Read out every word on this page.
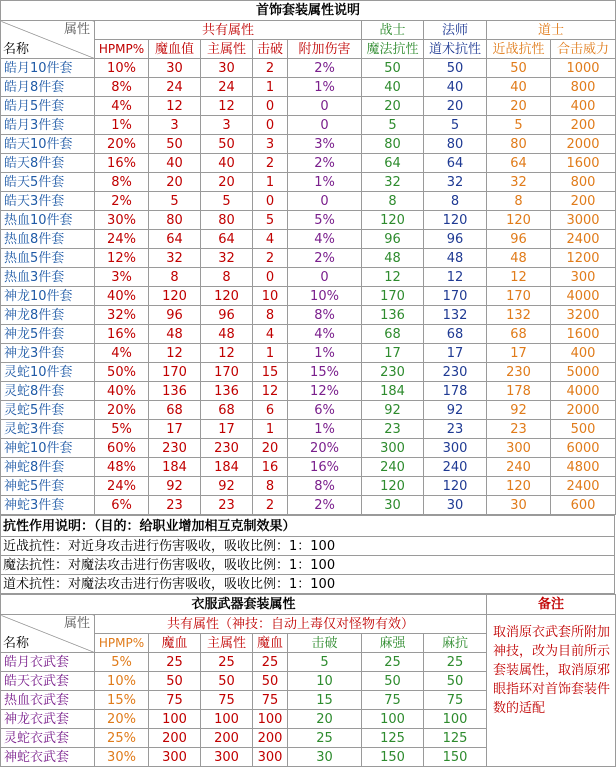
首饰套装属性说明									

属性
名称	共有属性					战士	法师	道士	
	HPMP%	魔血值	主属性	击破	附加伤害	魔法抗性	道术抗性	近战抗性	合击威力
皓月10件套	10%	30	30	2	2%	50	50	50	1000
皓月8件套	8%	24	24	1	1%	40	40	40	800
皓月5件套	4%	12	12	0	0	20	20	20	400
皓月3件套	1%	3	3	0	0	5	5	5	200
皓天10件套	20%	50	50	3	3%	80	80	80	2000
皓天8件套	16%	40	40	2	2%	64	64	64	1600
皓天5件套	8%	20	20	1	1%	32	32	32	800
皓天3件套	2%	5	5	0	0	8	8	8	200
热血10件套	30%	80	80	5	5%	120	120	120	3000
热血8件套	24%	64	64	4	4%	96	96	96	2400
热血5件套	12%	32	32	2	2%	48	48	48	1200
热血3件套	3%	8	8	0	0	12	12	12	300
神龙10件套	40%	120	120	10	10%	170	170	170	4000
神龙8件套	32%	96	96	8	8%	136	132	132	3200
神龙5件套	16%	48	48	4	4%	68	68	68	1600
神龙3件套	4%	12	12	1	1%	17	17	17	400
灵蛇10件套	50%	170	170	15	15%	230	230	230	5000
灵蛇8件套	40%	136	136	12	12%	184	178	178	4000
灵蛇5件套	20%	68	68	6	6%	92	92	92	2000
灵蛇3件套	5%	17	17	1	1%	23	23	23	500
神蛇10件套	60%	230	230	20	20%	300	300	300	6000
神蛇8件套	48%	184	184	16	16%	240	240	240	4800
神蛇5件套	24%	92	92	8	8%	120	120	120	2400
神蛇3件套	6%	23	23	2	2%	30	30	30	600
抗性作用说明：（目的：给职业增加相互克制效果）
近战抗性：对近身攻击进行伤害吸收，吸收比例：1：100
魔法抗性：对魔法攻击进行伤害吸收，吸收比例：1：100
道术抗性：对魔法攻击进行伤害吸收，吸收比例：1：100
衣服武器套装属性								备注

属性
名称	共有属性（神技：自动上毒仅对怪物有效）							取消原衣武套所附加神技，改为目前所示套装属性，取消原邪眼指环对首饰套装件数的适配
	HPMP%	魔血	主属性	魔血	击破	麻强	麻抗	
皓月衣武套	5%	25	25	25	5	25	25	
皓天衣武套	10%	50	50	50	10	50	50	
热血衣武套	15%	75	75	75	15	75	75	
神龙衣武套	20%	100	100	100	20	100	100	
灵蛇衣武套	25%	200	200	200	25	125	125	
神蛇衣武套	30%	300	300	300	30	150	150	
